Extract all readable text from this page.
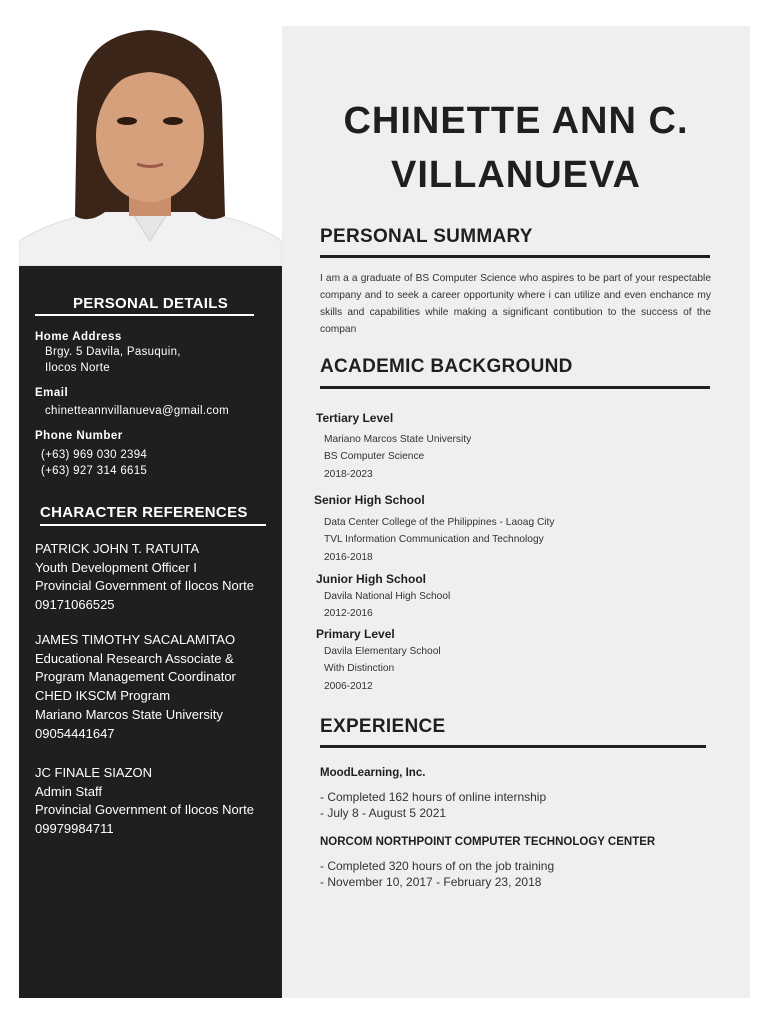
PERSONAL DETAILS
Home Address
Brgy. 5 Davila, Pasuquin,
Ilocos Norte
Email
chinetteannvillanueva@gmail.com
Phone Number
(+63) 969 030 2394
(+63) 927 314 6615
CHARACTER REFERENCES
PATRICK JOHN T. RATUITA
Youth Development Officer I
Provincial Government of Ilocos Norte
09171066525
JAMES TIMOTHY SACALAMITAO
Educational Research Associate &
Program Management Coordinator
CHED IKSCM Program
Mariano Marcos State University
09054441647
JC FINALE SIAZON
Admin Staff
Provincial Government of Ilocos Norte
09979984711
CHINETTE ANN C.
VILLANUEVA
PERSONAL SUMMARY
I am a a graduate of BS Computer Science who aspires to be part of your respectable company and to seek a career opportunity where i can utilize and even enchance my skills and capabilities while making a significant contibution to the success of the compan
ACADEMIC BACKGROUND
Tertiary Level
Mariano Marcos State University
BS Computer Science
2018-2023
Senior High School
Data Center College of the Philippines - Laoag City
TVL Information Communication and Technology
2016-2018
Junior High School
Davila National High School
2012-2016
Primary Level
Davila Elementary School
With Distinction
2006-2012
EXPERIENCE
MoodLearning, Inc.
- Completed 162 hours of online internship
- July 8 - August 5 2021
NORCOM NORTHPOINT COMPUTER TECHNOLOGY CENTER
- Completed 320 hours of on the job training
- November 10, 2017 - February 23, 2018
